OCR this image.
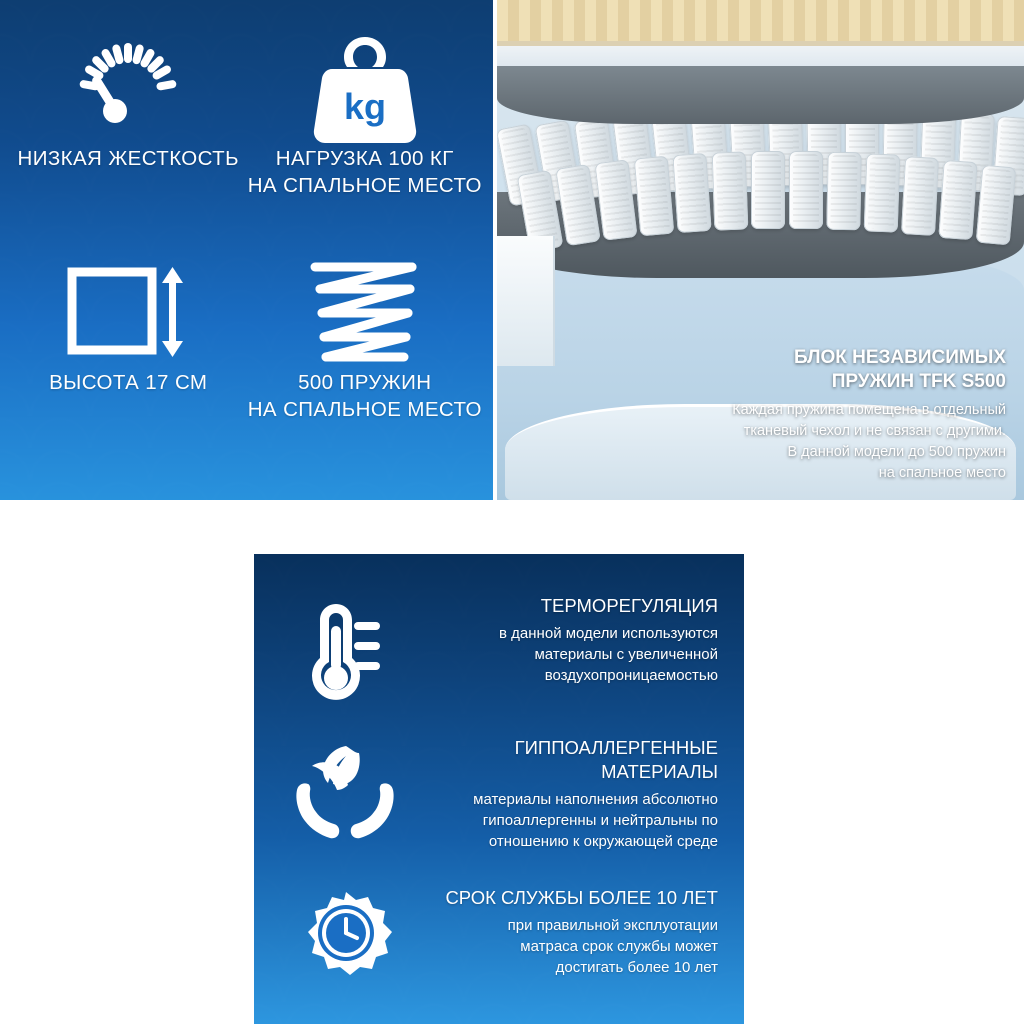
НИЗКАЯ ЖЕСТКОСТЬ
kg
НАГРУЗКА 100 КГ
НА СПАЛЬНОЕ МЕСТО
ВЫСОТА 17 СМ	500 ПРУЖИН
НА СПАЛЬНОЕ МЕСТО
БЛОК НЕЗАВИСИМЫХ
ПРУЖИН TFK S500
Каждая пружина помещена в отдельный
тканевый чехол и не связан с другими.
В данной модели до 500 пружин
на спальное место
ТЕРМОРЕГУЛЯЦИЯ
в данной модели используются
материалы с увеличенной
воздухопроницаемостью
ГИППОАЛЛЕРГЕННЫЕ
МАТЕРИАЛЫ
материалы наполнения абсолютно
гипоаллергенны и нейтральны по
отношению к окружающей среде
СРОК СЛУЖБЫ БОЛЕЕ 10 ЛЕТ
при правильной эксплуотации
матраса срок службы может
достигать более 10 лет
